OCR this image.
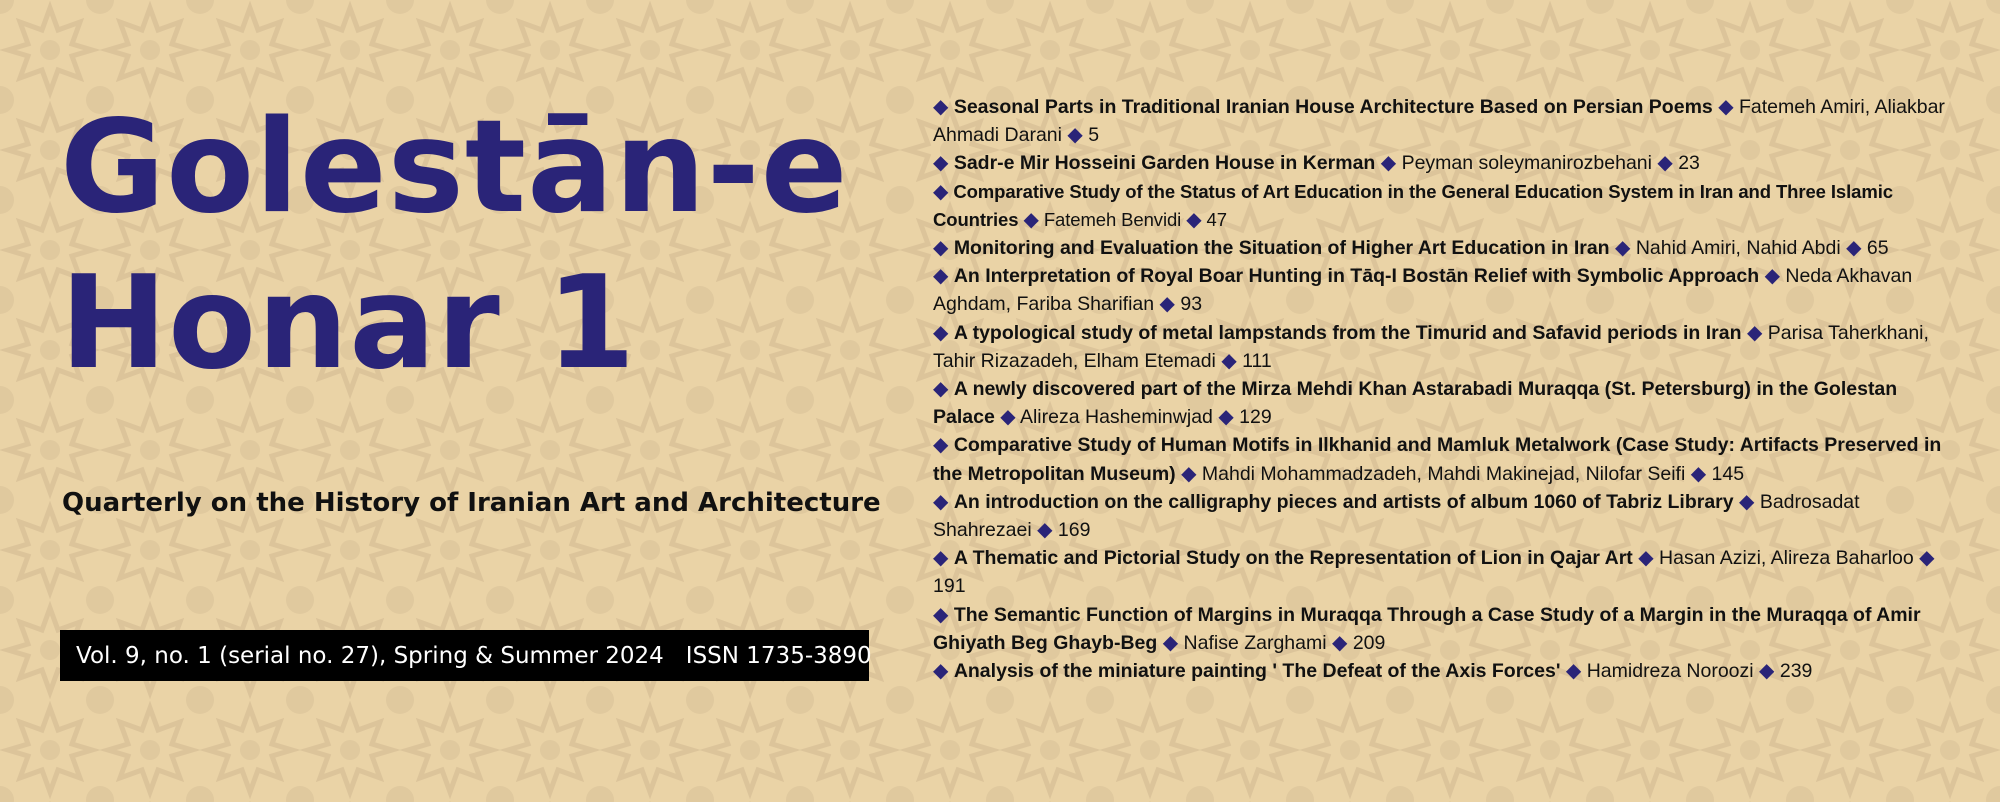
Golestān-e
Honar 1
Quarterly on the History of Iranian Art and Architecture
Vol. 9, no. 1 (serial no. 27), Spring & Summer 2024 ISSN 1735-3890

◆ Seasonal Parts in Traditional Iranian House Architecture Based on Persian Poems ◆ Fatemeh Amiri, Aliakbar Ahmadi Darani ◆ 5

◆ Sadr-e Mir Hosseini Garden House in Kerman ◆ Peyman soleymanirozbehani ◆ 23

◆ Comparative Study of the Status of Art Education in the General Education System in Iran and Three Islamic Countries ◆ Fatemeh Benvidi ◆ 47

◆ Monitoring and Evaluation the Situation of Higher Art Education in Iran ◆ Nahid Amiri, Nahid Abdi ◆ 65

◆ An Interpretation of Royal Boar Hunting in Tāq-I Bostān Relief with Symbolic Approach ◆ Neda Akhavan Aghdam, Fariba Sharifian ◆ 93

◆ A typological study of metal lampstands from the Timurid and Safavid periods in Iran ◆ Parisa Taherkhani, Tahir Rizazadeh, Elham Etemadi ◆ 111

◆ A newly discovered part of the Mirza Mehdi Khan Astarabadi Muraqqa (St. Petersburg) in the Golestan Palace ◆ Alireza Hasheminwjad ◆ 129

◆ Comparative Study of Human Motifs in Ilkhanid and Mamluk Metalwork (Case Study: Artifacts Preserved in the Metropolitan Museum) ◆ Mahdi Mohammadzadeh, Mahdi Makinejad, Nilofar Seifi ◆ 145

◆ An introduction on the calligraphy pieces and artists of album 1060 of Tabriz Library ◆ Badrosadat Shahrezaei ◆ 169

◆ A Thematic and Pictorial Study on the Representation of Lion in Qajar Art ◆ Hasan Azizi, Alireza Baharloo ◆ 191

◆ The Semantic Function of Margins in Muraqqa Through a Case Study of a Margin in the Muraqqa of Amir Ghiyath Beg Ghayb-Beg ◆ Nafise Zarghami ◆ 209

◆ Analysis of the miniature painting ' The Defeat of the Axis Forces' ◆ Hamidreza Noroozi ◆ 239
